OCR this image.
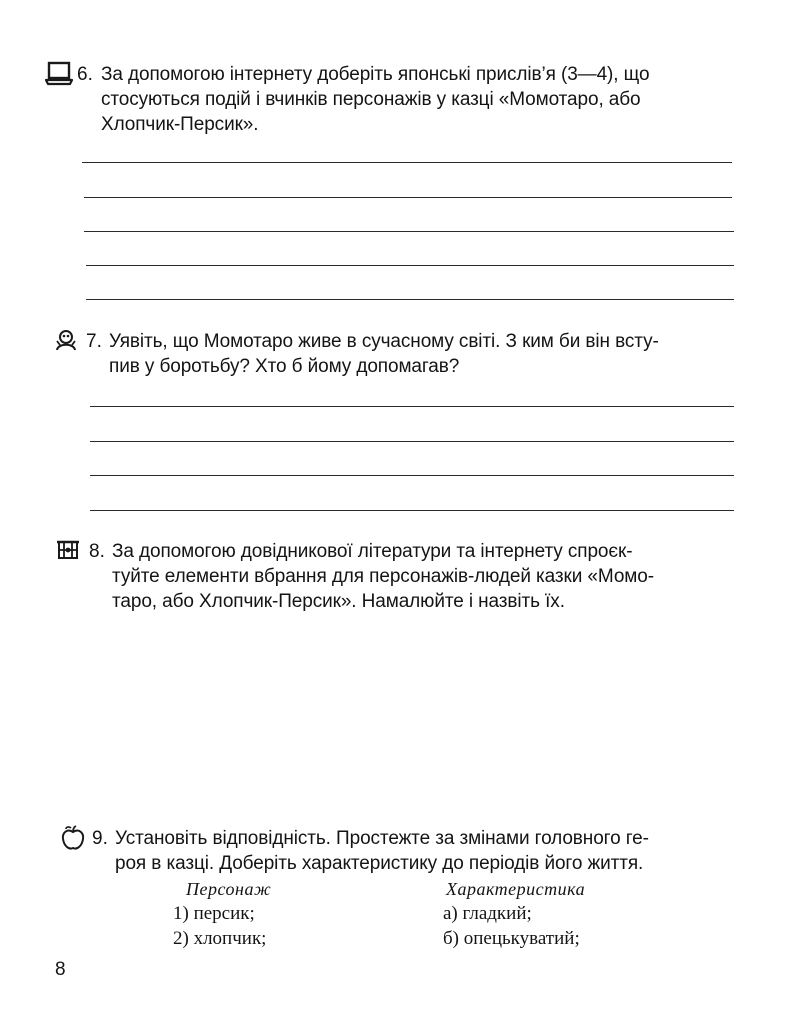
6. За допомогою інтернету доберіть японські прислів’я (3—4), що
стосуються подій і вчинків персонажів у казці «Момотаро, або
Хлопчик-Персик».
7. Уявіть, що Момотаро живе в сучасному світі. З ким би він всту-
пив у боротьбу? Хто б йому допомагав?
8. За допомогою довідникової літератури та інтернету спроєк-
туйте елементи вбрання для персонажів-людей казки «Момо-
таро, або Хлопчик-Персик». Намалюйте і назвіть їх.
9. Установіть відповідність. Простежте за змінами головного ге-
роя в казці. Доберіть характеристику до періодів його життя.
Персонаж	Характеристика
1) персик;
2) хлопчик;
а) гладкий;
б) опецькуватий;
8
